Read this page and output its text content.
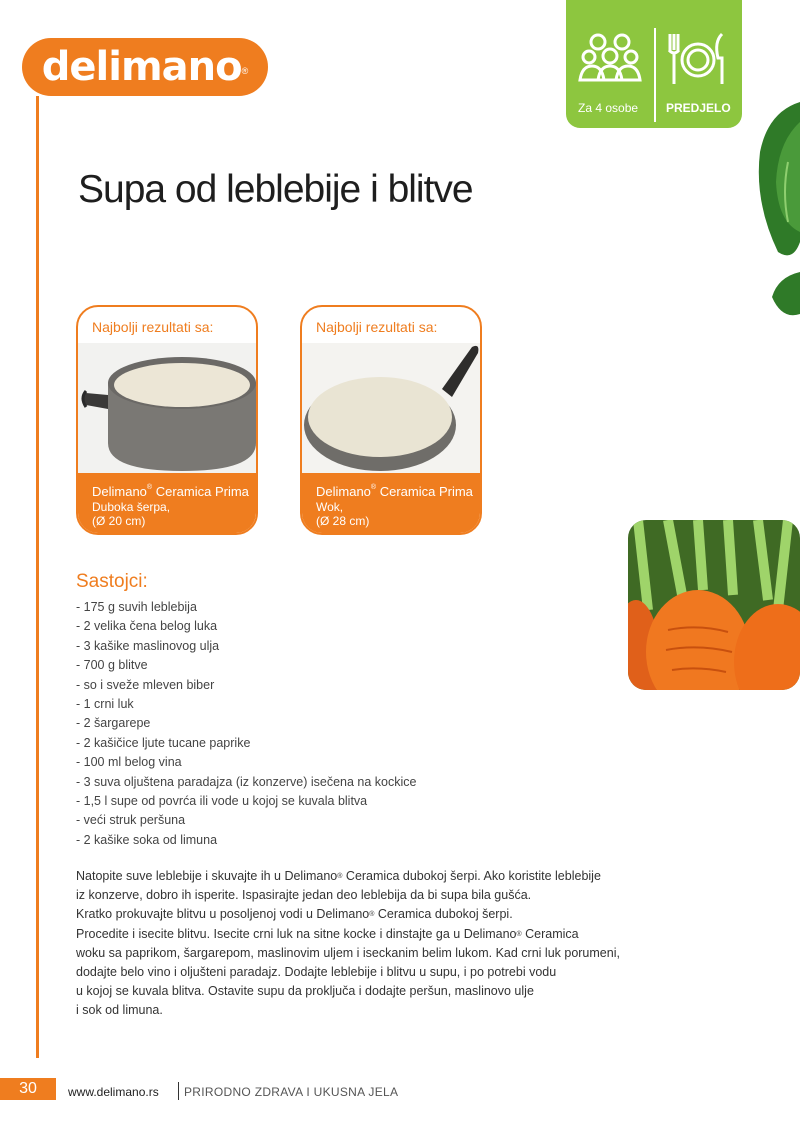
delimano ®
Za 4 osobe PREDJELO
Supa od leblebije i blitve
Najbolji rezultati sa:
Delimano® Ceramica Prima
Duboka šerpa,
(Ø 20 cm)
Najbolji rezultati sa:
Delimano® Ceramica Prima
Wok,
(Ø 28 cm)
Sastojci:
- 175 g suvih leblebija
- 2 velika čena belog luka
- 3 kašike maslinovog ulja
- 700 g blitve
- so i sveže mleven biber
- 1 crni luk
- 2 šargarepe
- 2 kašičice ljute tucane paprike
- 100 ml belog vina
- 3 suva oljuštena paradajza (iz konzerve) isečena na kockice
- 1,5 l supe od povrća ili vode u kojoj se kuvala blitva
- veći struk peršuna
- 2 kašike soka od limuna
Natopite suve leblebije i skuvajte ih u Delimano® Ceramica dubokoj šerpi. Ako koristite leblebije
iz konzerve, dobro ih isperite. Ispasirajte jedan deo leblebija da bi supa bila gušća.
Kratko prokuvajte blitvu u posoljenoj vodi u Delimano® Ceramica dubokoj šerpi.
Procedite i isecite blitvu. Isecite crni luk na sitne kocke i dinstajte ga u Delimano® Ceramica
woku sa paprikom, šargarepom, maslinovim uljem i iseckanim belim lukom. Kad crni luk porumeni,
dodajte belo vino i oljušteni paradajz. Dodajte leblebije i blitvu u supu, i po potrebi vodu
u kojoj se kuvala blitva. Ostavite supu da proključa i dodajte peršun, maslinovo ulje
i sok od limuna.
30	www.delimano.rs PRIRODNO ZDRAVA I UKUSNA JELA
